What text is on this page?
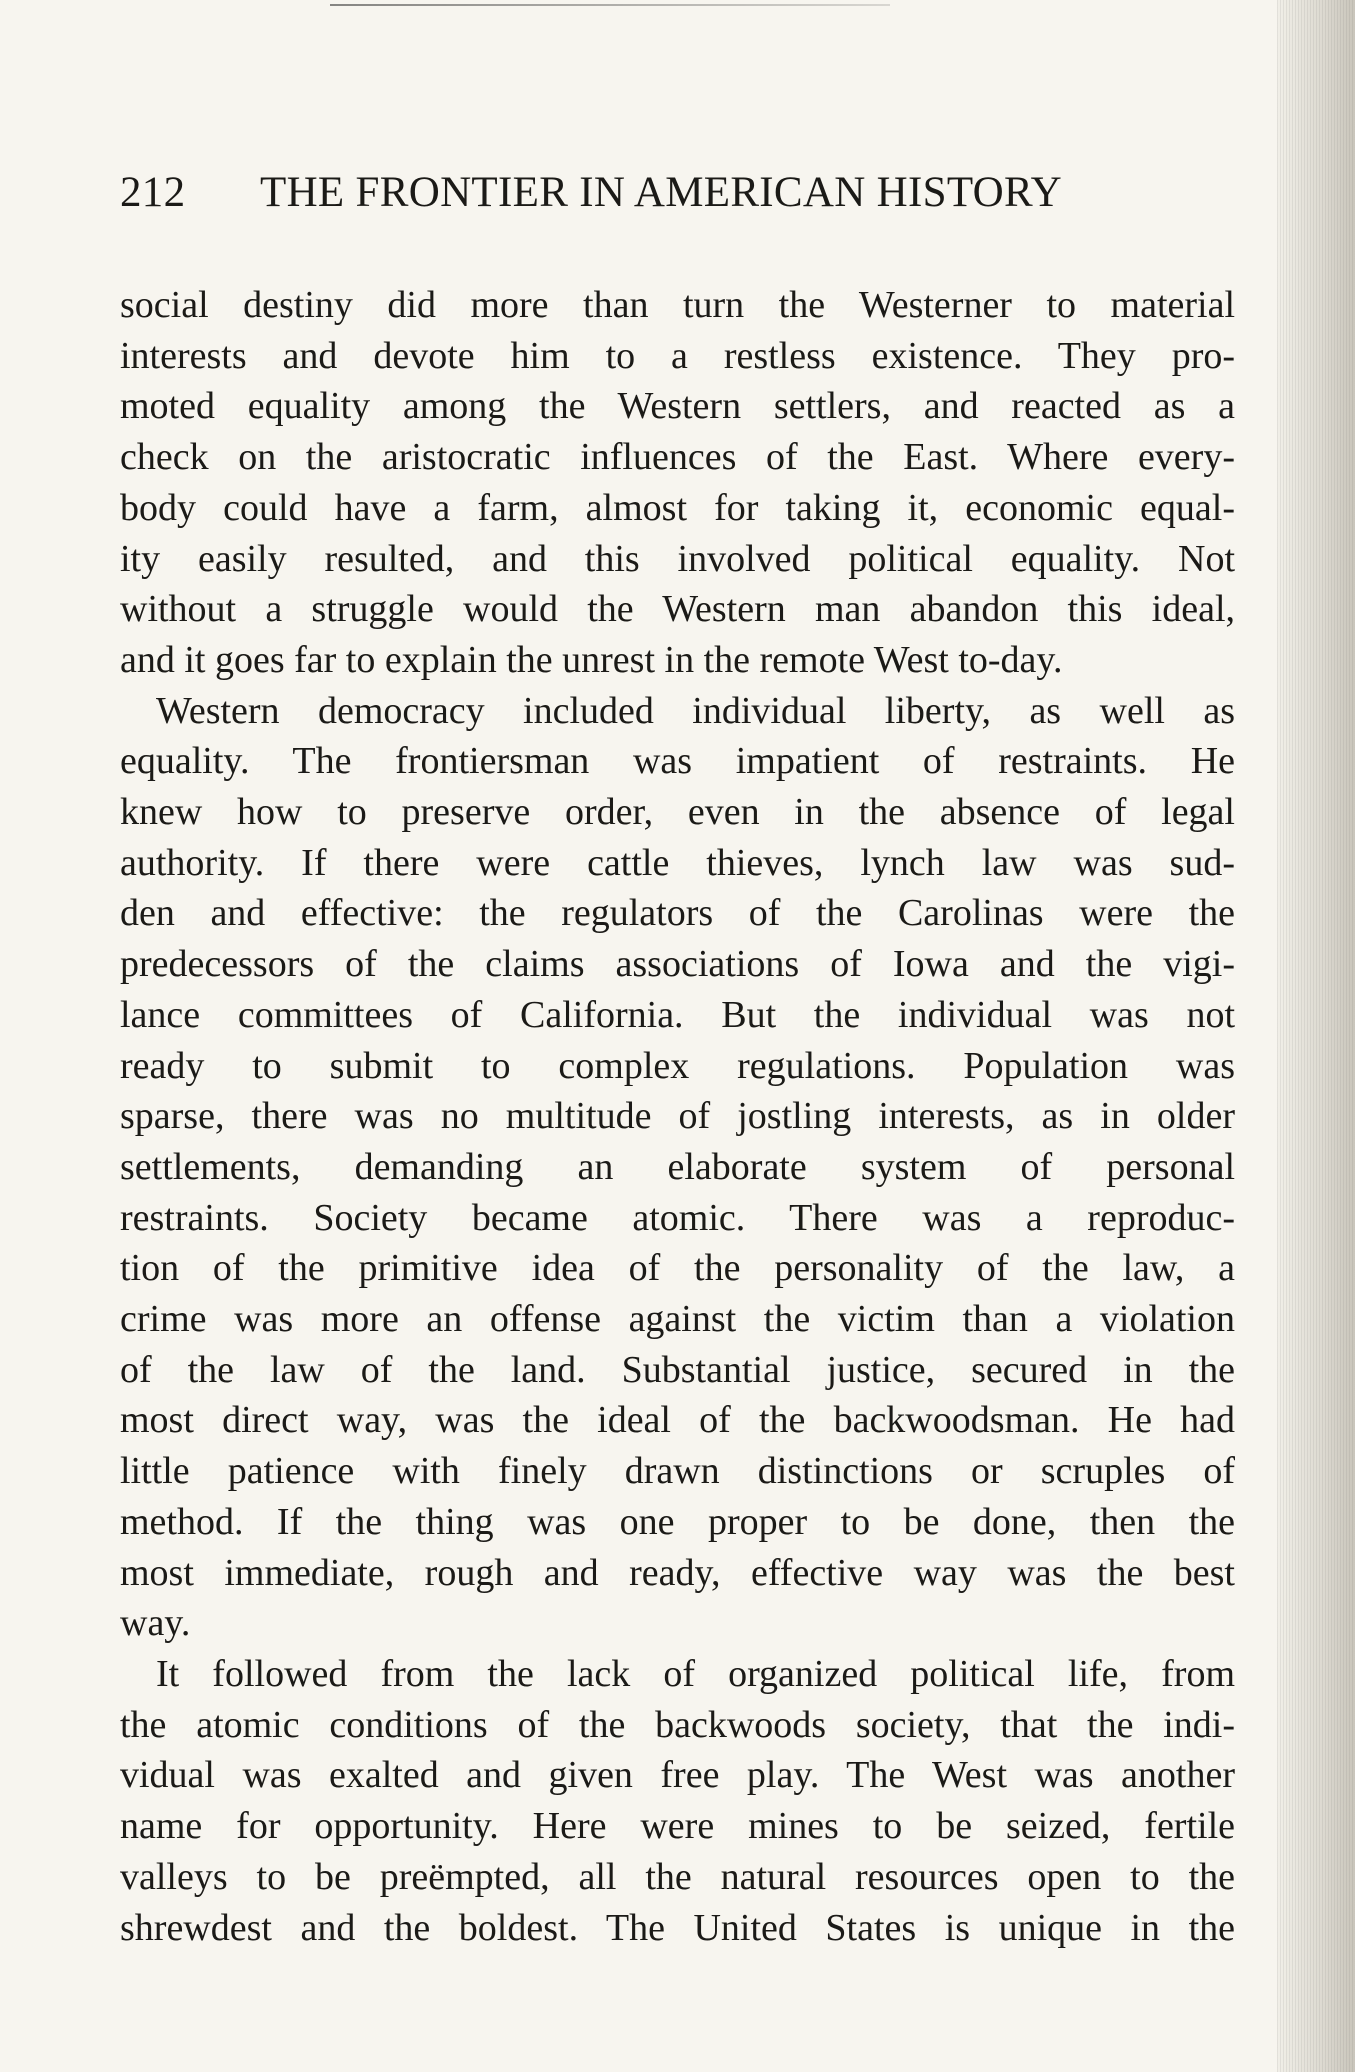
212	THE FRONTIER IN AMERICAN HISTORY
social destiny did more than turn the Westerner to material
interests and devote him to a restless existence. They pro-
moted equality among the Western settlers, and reacted as a
check on the aristocratic influences of the East. Where every-
body could have a farm, almost for taking it, economic equal-
ity easily resulted, and this involved political equality. Not
without a struggle would the Western man abandon this ideal,
and it goes far to explain the unrest in the remote West to-day.
Western democracy included individual liberty, as well as
equality. The frontiersman was impatient of restraints. He
knew how to preserve order, even in the absence of legal
authority. If there were cattle thieves, lynch law was sud-
den and effective: the regulators of the Carolinas were the
predecessors of the claims associations of Iowa and the vigi-
lance committees of California. But the individual was not
ready to submit to complex regulations. Population was
sparse, there was no multitude of jostling interests, as in older
settlements, demanding an elaborate system of personal
restraints. Society became atomic. There was a reproduc-
tion of the primitive idea of the personality of the law, a
crime was more an offense against the victim than a violation
of the law of the land. Substantial justice, secured in the
most direct way, was the ideal of the backwoodsman. He had
little patience with finely drawn distinctions or scruples of
method. If the thing was one proper to be done, then the
most immediate, rough and ready, effective way was the best
way.
It followed from the lack of organized political life, from
the atomic conditions of the backwoods society, that the indi-
vidual was exalted and given free play. The West was another
name for opportunity. Here were mines to be seized, fertile
valleys to be preëmpted, all the natural resources open to the
shrewdest and the boldest. The United States is unique in the
